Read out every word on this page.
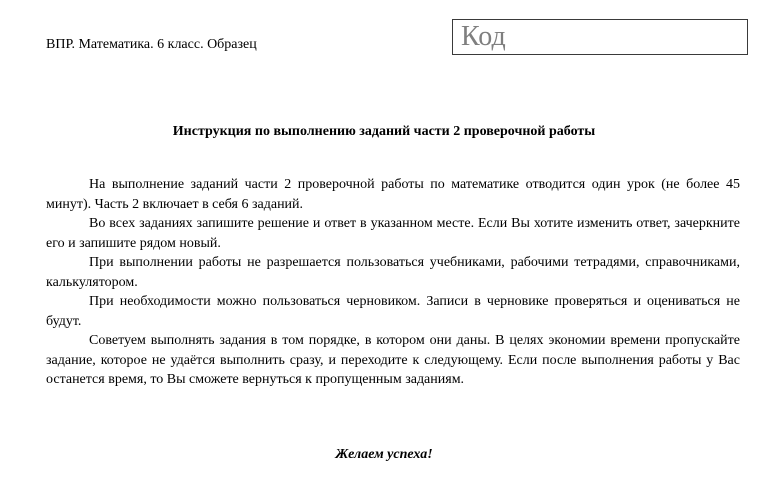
ВПР. Математика. 6 класс. Образец	Код
Инструкция по выполнению заданий части 2 проверочной работы

На выполнение заданий части 2 проверочной работы по математике отводится один урок (не более 45 минут). Часть 2 включает в себя 6 заданий.

Во всех заданиях запишите решение и ответ в указанном месте. Если Вы хотите изменить ответ, зачеркните его и запишите рядом новый.

При выполнении работы не разрешается пользоваться учебниками, рабочими тетрадями, справочниками, калькулятором.

При необходимости можно пользоваться черновиком. Записи в черновике проверяться и оцениваться не будут.

Советуем выполнять задания в том порядке, в котором они даны. В целях экономии времени пропускайте задание, которое не удаётся выполнить сразу, и переходите к следующему. Если после выполнения работы у Вас останется время, то Вы сможете вернуться к пропущенным заданиям.

Желаем успеха!
